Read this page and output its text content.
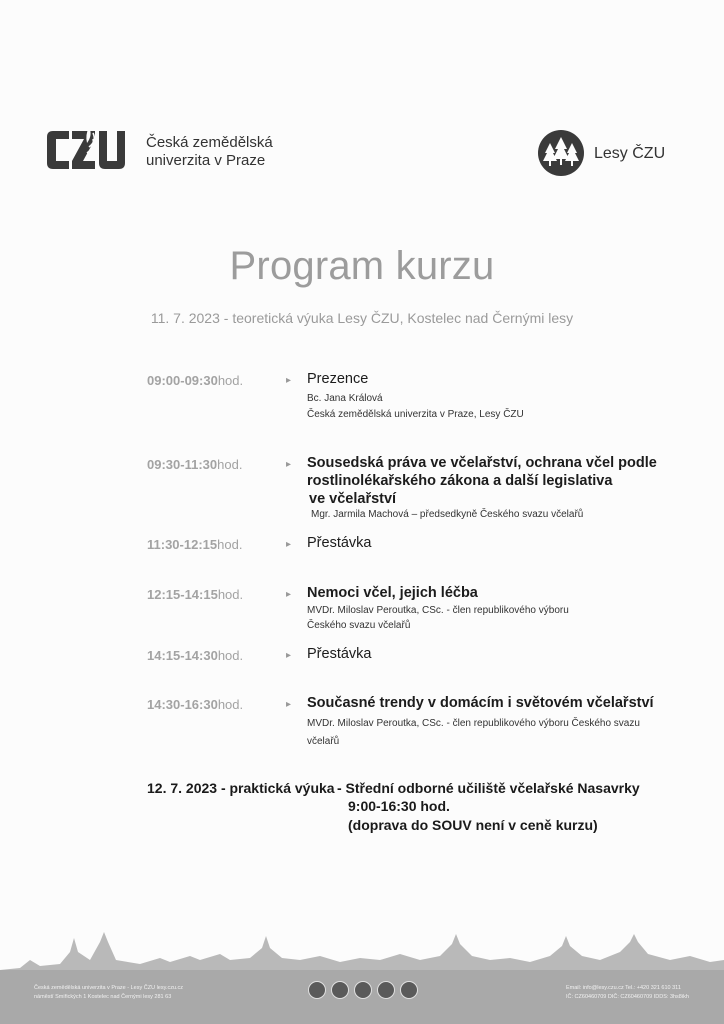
Česká zemědělská
univerzita v Praze	Lesy ČZU
Program kurzu
11. 7. 2023 - teoretická výuka Lesy ČZU, Kostelec nad Černými lesy
09:00-09:30hod.	▸ Prezence
Bc. Jana Králová
Česká zemědělská univerzita v Praze, Lesy ČZU
09:30-11:30hod.	▸ Sousedská práva ve včelařství, ochrana včel podle
rostlinolékařského zákona a další legislativa
ve včelařství
Mgr. Jarmila Machová – předsedkyně Českého svazu včelařů
11:30-12:15hod.	▸ Přestávka
12:15-14:15hod.	▸ Nemoci včel, jejich léčba
MVDr. Miloslav Peroutka, CSc. - člen republikového výboru
Českého svazu včelařů
14:15-14:30hod.	▸ Přestávka
14:30-16:30hod.	▸ Současné trendy v domácím i světovém včelařství
MVDr. Miloslav Peroutka, CSc. - člen republikového výboru Českého svazu
včelařů
12. 7. 2023 - praktická výuka - Střední odborné učiliště včelařské Nasavrky
9:00-16:30 hod.
(doprava do SOUV není v ceně kurzu)
Česká zemědělská univerzita v Praze - Lesy ČZU lesy.czu.cz
náměstí Smiřických 1 Kostelec nad Černými lesy 281 63
Email: info@lesy.czu.cz Tel.: +420 321 610 311
IČ: CZ60460709 DIČ: CZ60460709 IDDS: 3hs8ikh
